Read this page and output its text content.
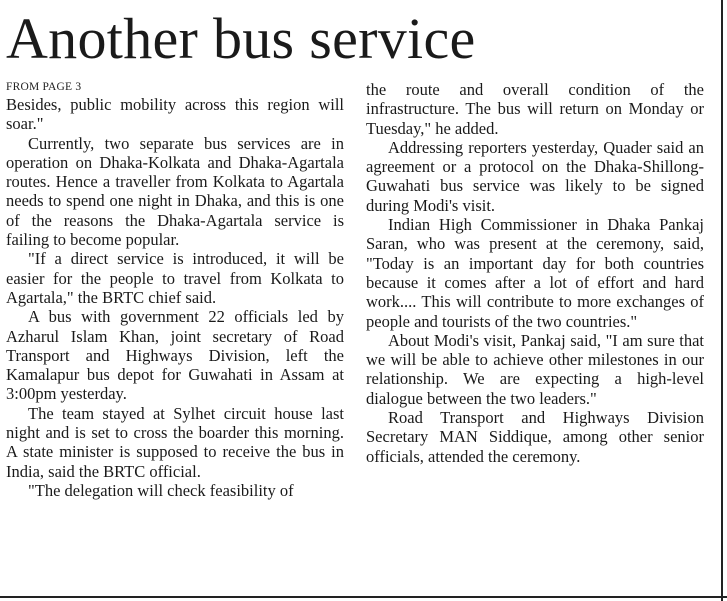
Another bus service
FROM PAGE 3

Besides, public mobility across this region will soar."

Currently, two separate bus services are in operation on Dhaka-Kolkata and Dhaka-Agartala routes. Hence a traveller from Kolkata to Agartala needs to spend one night in Dhaka, and this is one of the reasons the Dhaka-Agartala service is failing to become popular.

"If a direct service is introduced, it will be easier for the people to travel from Kolkata to Agartala," the BRTC chief said.

A bus with government 22 officials led by Azharul Islam Khan, joint secretary of Road Transport and Highways Division, left the Kamalapur bus depot for Guwahati in Assam at 3:00pm yesterday.

The team stayed at Sylhet circuit house last night and is set to cross the boarder this morning. A state minister is supposed to receive the bus in India, said the BRTC official.

"The delegation will check feasibility of

the route and overall condition of the infrastructure. The bus will return on Monday or Tuesday," he added.

Addressing reporters yesterday, Quader said an agreement or a protocol on the Dhaka-Shillong-Guwahati bus service was likely to be signed during Modi's visit.

Indian High Commissioner in Dhaka Pankaj Saran, who was present at the ceremony, said, "Today is an important day for both countries because it comes after a lot of effort and hard work.... This will contribute to more exchanges of people and tourists of the two countries."

About Modi's visit, Pankaj said, "I am sure that we will be able to achieve other milestones in our relationship. We are expecting a high-level dialogue between the two leaders."

Road Transport and Highways Division Secretary MAN Siddique, among other senior officials, attended the ceremony.
